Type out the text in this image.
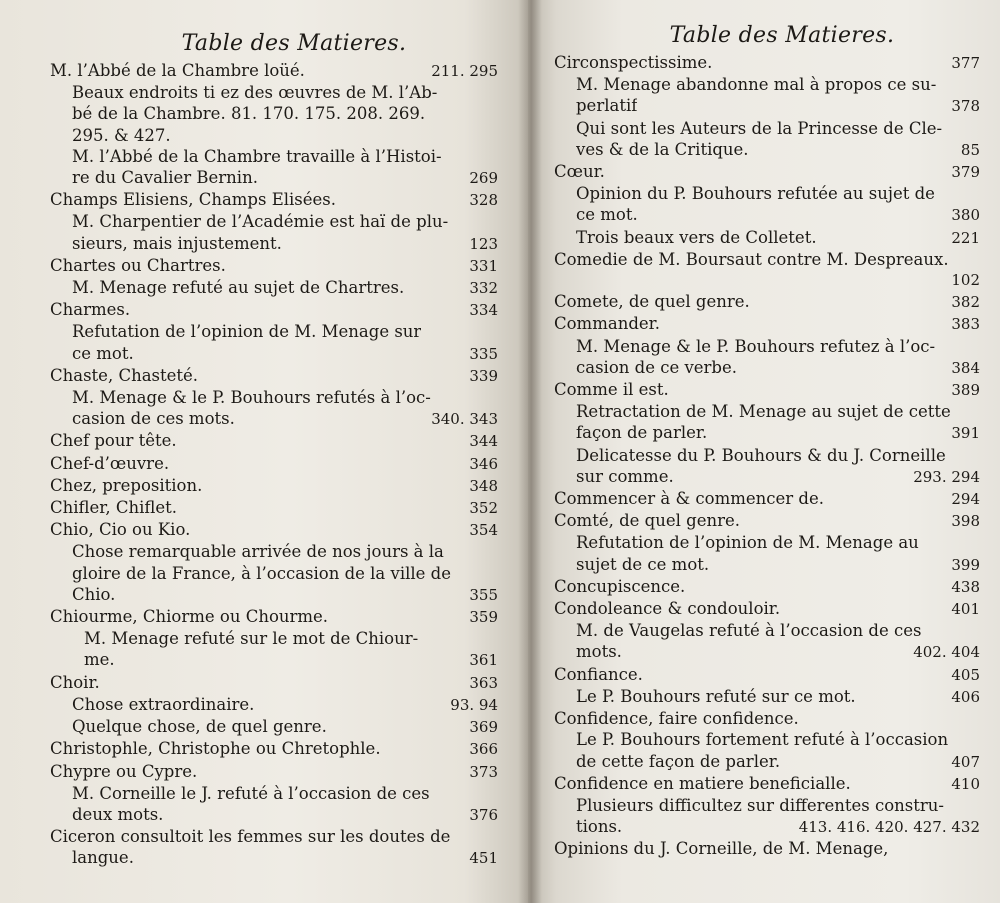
Table des Matieres.
M. l’Abbé de la Chambre loüé.	211. 295
Beaux endroits ti ez des œuvres de M. l’Ab-
bé de la Chambre. 81. 170. 175. 208. 269.
295. & 427.
M. l’Abbé de la Chambre travaille à l’Histoi-
re du Cavalier Bernin.	269
Champs Elisiens, Champs Elisées.	328
M. Charpentier de l’Académie est haï de plu-
sieurs, mais injustement.	123
Chartes ou Chartres.	331
M. Menage refuté au sujet de Chartres.	332
Charmes.	334
Refutation de l’opinion de M. Menage sur
ce mot.	335
Chaste, Chasteté.	339
M. Menage & le P. Bouhours refutés à l’oc-
casion de ces mots.	340. 343
Chef pour tête.	344
Chef-d’œuvre.	346
Chez, preposition.	348
Chifler, Chiflet.	352
Chio, Cio ou Kio.	354
Chose remarquable arrivée de nos jours à la
gloire de la France, à l’occasion de la ville de
Chio.	355
Chiourme, Chiorme ou Chourme.	359
M. Menage refuté sur le mot de Chiour-
me.	361
Choir.	363
Chose extraordinaire.	93. 94
Quelque chose, de quel genre.	369
Christophle, Christophe ou Chretophle.	366
Chypre ou Cypre.	373
M. Corneille le J. refuté à l’occasion de ces
deux mots.	376
Ciceron consultoit les femmes sur les doutes de
langue.	451
Table des Matieres.
Circonspectissime.	377
M. Menage abandonne mal à propos ce su-
perlatif	378
Qui sont les Auteurs de la Princesse de Cle-
ves & de la Critique.	85
Cœur.	379
Opinion du P. Bouhours refutée au sujet de
ce mot.	380
Trois beaux vers de Colletet.	221
Comedie de M. Boursaut contre M. Despreaux.
102
Comete, de quel genre.	382
Commander.	383
M. Menage & le P. Bouhours refutez à l’oc-
casion de ce verbe.	384
Comme il est.	389
Retractation de M. Menage au sujet de cette
façon de parler.	391
Delicatesse du P. Bouhours & du J. Corneille
sur comme.	293. 294
Commencer à & commencer de.	294
Comté, de quel genre.	398
Refutation de l’opinion de M. Menage au
sujet de ce mot.	399
Concupiscence.	438
Condoleance & condouloir.	401
M. de Vaugelas refuté à l’occasion de ces
mots.	402. 404
Confiance.	405
Le P. Bouhours refuté sur ce mot.	406
Confidence, faire confidence.
Le P. Bouhours fortement refuté à l’occasion
de cette façon de parler.	407
Confidence en matiere beneficialle.	410
Plusieurs difficultez sur differentes constru-
tions.	413. 416. 420. 427. 432
Opinions du J. Corneille, de M. Menage,
